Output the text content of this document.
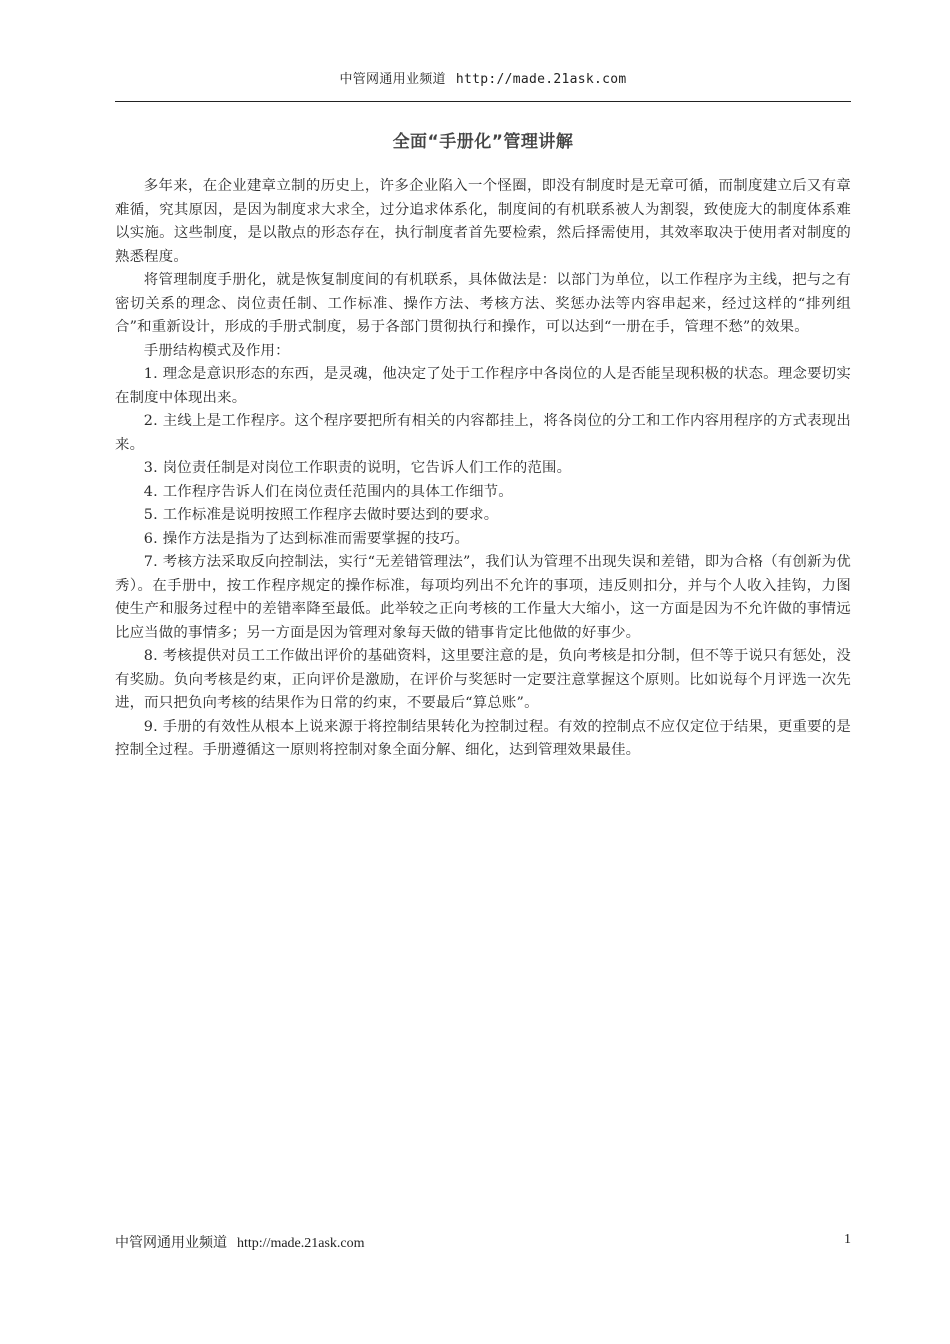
中管网通用业频道 http://made.21ask.com
全面“手册化”管理讲解

多年来，在企业建章立制的历史上，许多企业陷入一个怪圈，即没有制度时是无章可循，而制度建立后又有章难循，究其原因，是因为制度求大求全，过分追求体系化，制度间的有机联系被人为割裂，致使庞大的制度体系难以实施。这些制度，是以散点的形态存在，执行制度者首先要检索，然后择需使用，其效率取决于使用者对制度的熟悉程度。

将管理制度手册化，就是恢复制度间的有机联系，具体做法是：以部门为单位，以工作程序为主线，把与之有密切关系的理念、岗位责任制、工作标准、操作方法、考核方法、奖惩办法等内容串起来，经过这样的“排列组合”和重新设计，形成的手册式制度，易于各部门贯彻执行和操作，可以达到“一册在手，管理不愁”的效果。

手册结构模式及作用：

1. 理念是意识形态的东西，是灵魂，他决定了处于工作程序中各岗位的人是否能呈现积极的状态。理念要切实在制度中体现出来。

2. 主线上是工作程序。这个程序要把所有相关的内容都挂上，将各岗位的分工和工作内容用程序的方式表现出来。

3. 岗位责任制是对岗位工作职责的说明，它告诉人们工作的范围。

4. 工作程序告诉人们在岗位责任范围内的具体工作细节。

5. 工作标准是说明按照工作程序去做时要达到的要求。

6. 操作方法是指为了达到标准而需要掌握的技巧。

7. 考核方法采取反向控制法，实行“无差错管理法”，我们认为管理不出现失误和差错，即为合格（有创新为优秀）。在手册中，按工作程序规定的操作标准，每项均列出不允许的事项，违反则扣分，并与个人收入挂钩，力图使生产和服务过程中的差错率降至最低。此举较之正向考核的工作量大大缩小，这一方面是因为不允许做的事情远比应当做的事情多；另一方面是因为管理对象每天做的错事肯定比他做的好事少。

8. 考核提供对员工工作做出评价的基础资料，这里要注意的是，负向考核是扣分制，但不等于说只有惩处，没有奖励。负向考核是约束，正向评价是激励，在评价与奖惩时一定要注意掌握这个原则。比如说每个月评选一次先进，而只把负向考核的结果作为日常的约束，不要最后“算总账”。

9. 手册的有效性从根本上说来源于将控制结果转化为控制过程。有效的控制点不应仅定位于结果，更重要的是控制全过程。手册遵循这一原则将控制对象全面分解、细化，达到管理效果最佳。

中管网通用业频道 http://made.21ask.com	1
